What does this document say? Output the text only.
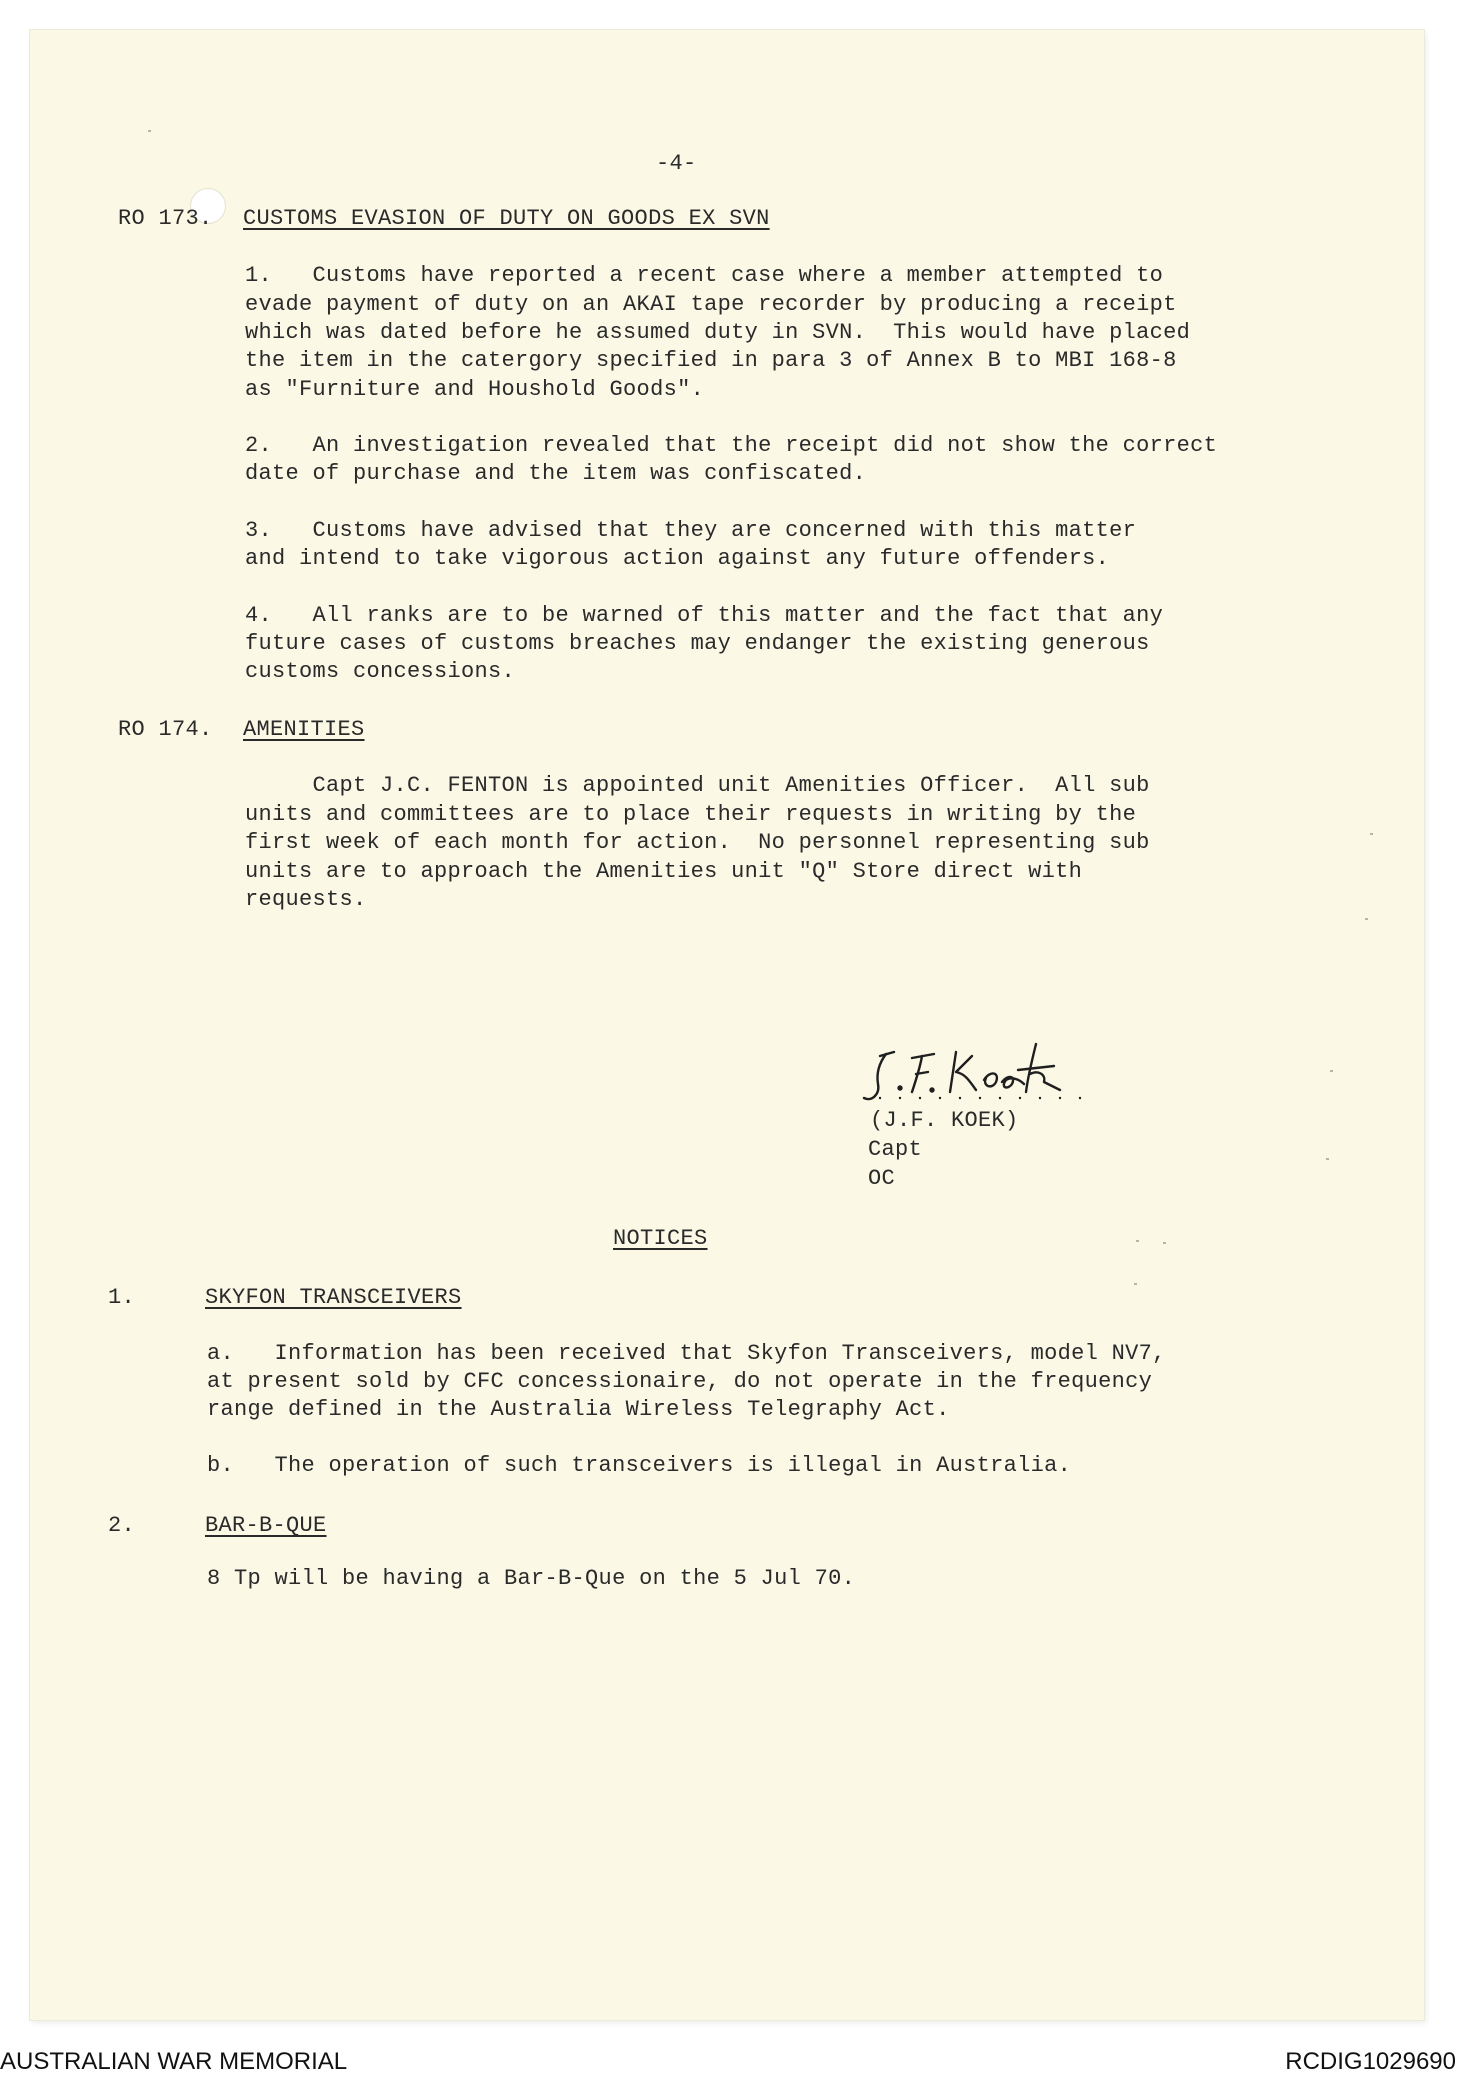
-4-

RO 173. CUSTOMS EVASION OF DUTY ON GOODS EX SVN

1.   Customs have reported a recent case where a member attempted to

evade payment of duty on an AKAI tape recorder by producing a receipt

which was dated before he assumed duty in SVN.  This would have placed

the item in the catergory specified in para 3 of Annex B to MBI 168-8

as "Furniture and Houshold Goods".

2.   An investigation revealed that the receipt did not show the correct

date of purchase and the item was confiscated.

3.   Customs have advised that they are concerned with this matter

and intend to take vigorous action against any future offenders.

4.   All ranks are to be warned of this matter and the fact that any

future cases of customs breaches may endanger the existing generous

customs concessions.

RO 174. AMENITIES

Capt J.C. FENTON is appointed unit Amenities Officer.  All sub

units and committees are to place their requests in writing by the

first week of each month for action.  No personnel representing sub

units are to approach the Amenities unit "Q" Store direct with

requests.

(J.F. KOEK)

Capt

OC

NOTICES

1.	SKYFON TRANSCEIVERS

a.   Information has been received that Skyfon Transceivers, model NV7,

at present sold by CFC concessionaire, do not operate in the frequency

range defined in the Australia Wireless Telegraphy Act.

b.   The operation of such transceivers is illegal in Australia.

2.	BAR-B-QUE

8 Tp will be having a Bar-B-Que on the 5 Jul 70.

AUSTRALIAN WAR MEMORIAL	RCDIG1029690
